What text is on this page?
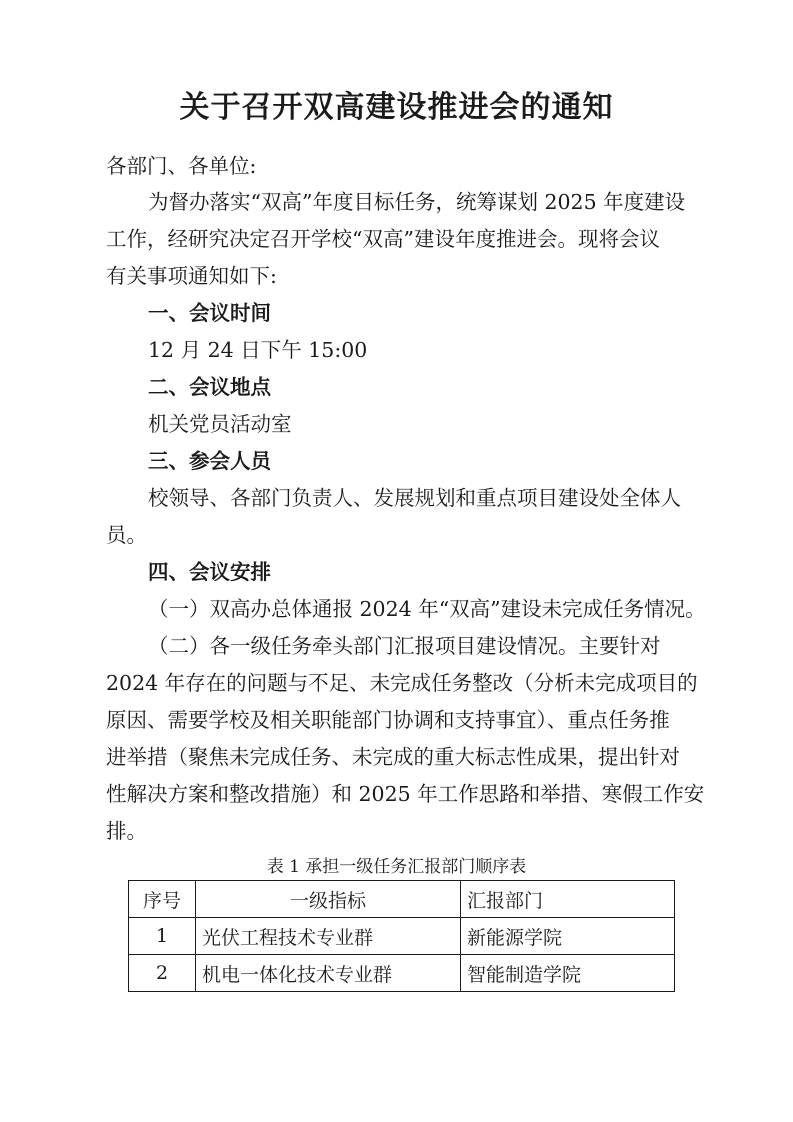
关于召开双高建设推进会的通知
各部门、各单位:
为督办落实“双高”年度目标任务，统筹谋划 2025 年度建设
工作，经研究决定召开学校“双高”建设年度推进会。现将会议
有关事项通知如下:
一、会议时间
12 月 24 日下午 15:00
二、会议地点
机关党员活动室
三、参会人员
校领导、各部门负责人、发展规划和重点项目建设处全体人
员。
四、会议安排
（一）双高办总体通报 2024 年“双高”建设未完成任务情况。
（二）各一级任务牵头部门汇报项目建设情况。主要针对
2024 年存在的问题与不足、未完成任务整改（分析未完成项目的
原因、需要学校及相关职能部门协调和支持事宜）、重点任务推
进举措（聚焦未完成任务、未完成的重大标志性成果，提出针对
性解决方案和整改措施）和 2025 年工作思路和举措、寒假工作安
排。
表 1 承担一级任务汇报部门顺序表
序号	一级指标	汇报部门
1	光伏工程技术专业群	新能源学院
2	机电一体化技术专业群	智能制造学院
